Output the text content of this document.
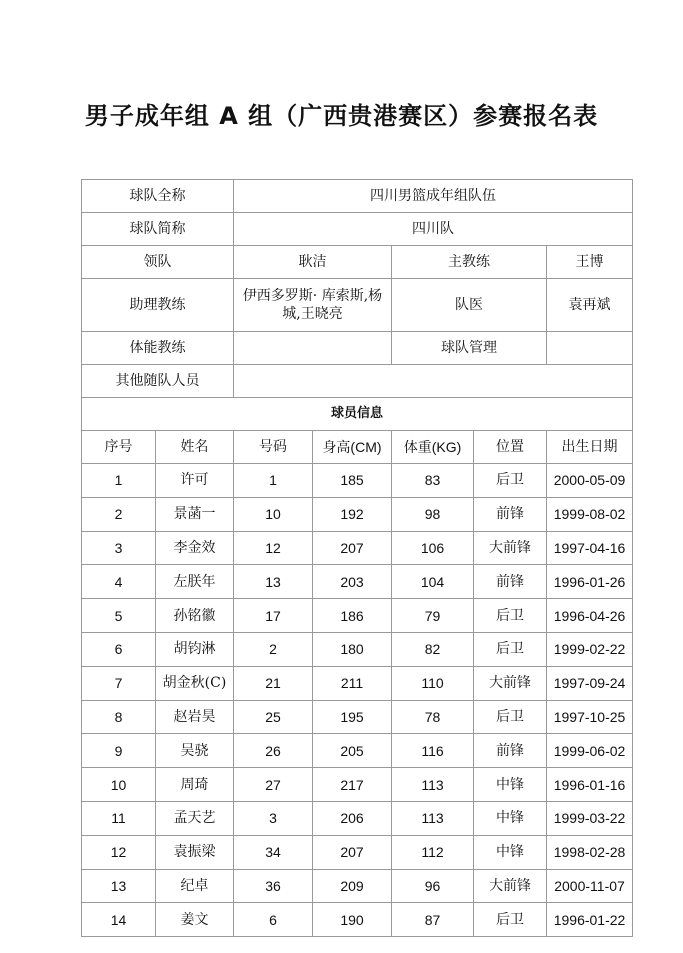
男子成年组 A 组（广西贵港赛区）参赛报名表
球队全称		四川男篮成年组队伍				
球队简称		四川队				
领队		耿洁		主教练		王博
助理教练		伊西多罗斯· 库索斯,杨城,王晓亮		队医		袁再斌
体能教练				球队管理		
其他随队人员						
球员信息						
序号	姓名	号码	身高(CM)	体重(KG)	位置	出生日期
1	许可	1	185	83	后卫	2000-05-09
2	景菡一	10	192	98	前锋	1999-08-02
3	李金效	12	207	106	大前锋	1997-04-16
4	左朕年	13	203	104	前锋	1996-01-26
5	孙铭徽	17	186	79	后卫	1996-04-26
6	胡钧淋	2	180	82	后卫	1999-02-22
7	胡金秋(C)	21	211	110	大前锋	1997-09-24
8	赵岩昊	25	195	78	后卫	1997-10-25
9	吴骁	26	205	116	前锋	1999-06-02
10	周琦	27	217	113	中锋	1996-01-16
11	孟天艺	3	206	113	中锋	1999-03-22
12	袁振梁	34	207	112	中锋	1998-02-28
13	纪卓	36	209	96	大前锋	2000-11-07
14	姜文	6	190	87	后卫	1996-01-22
